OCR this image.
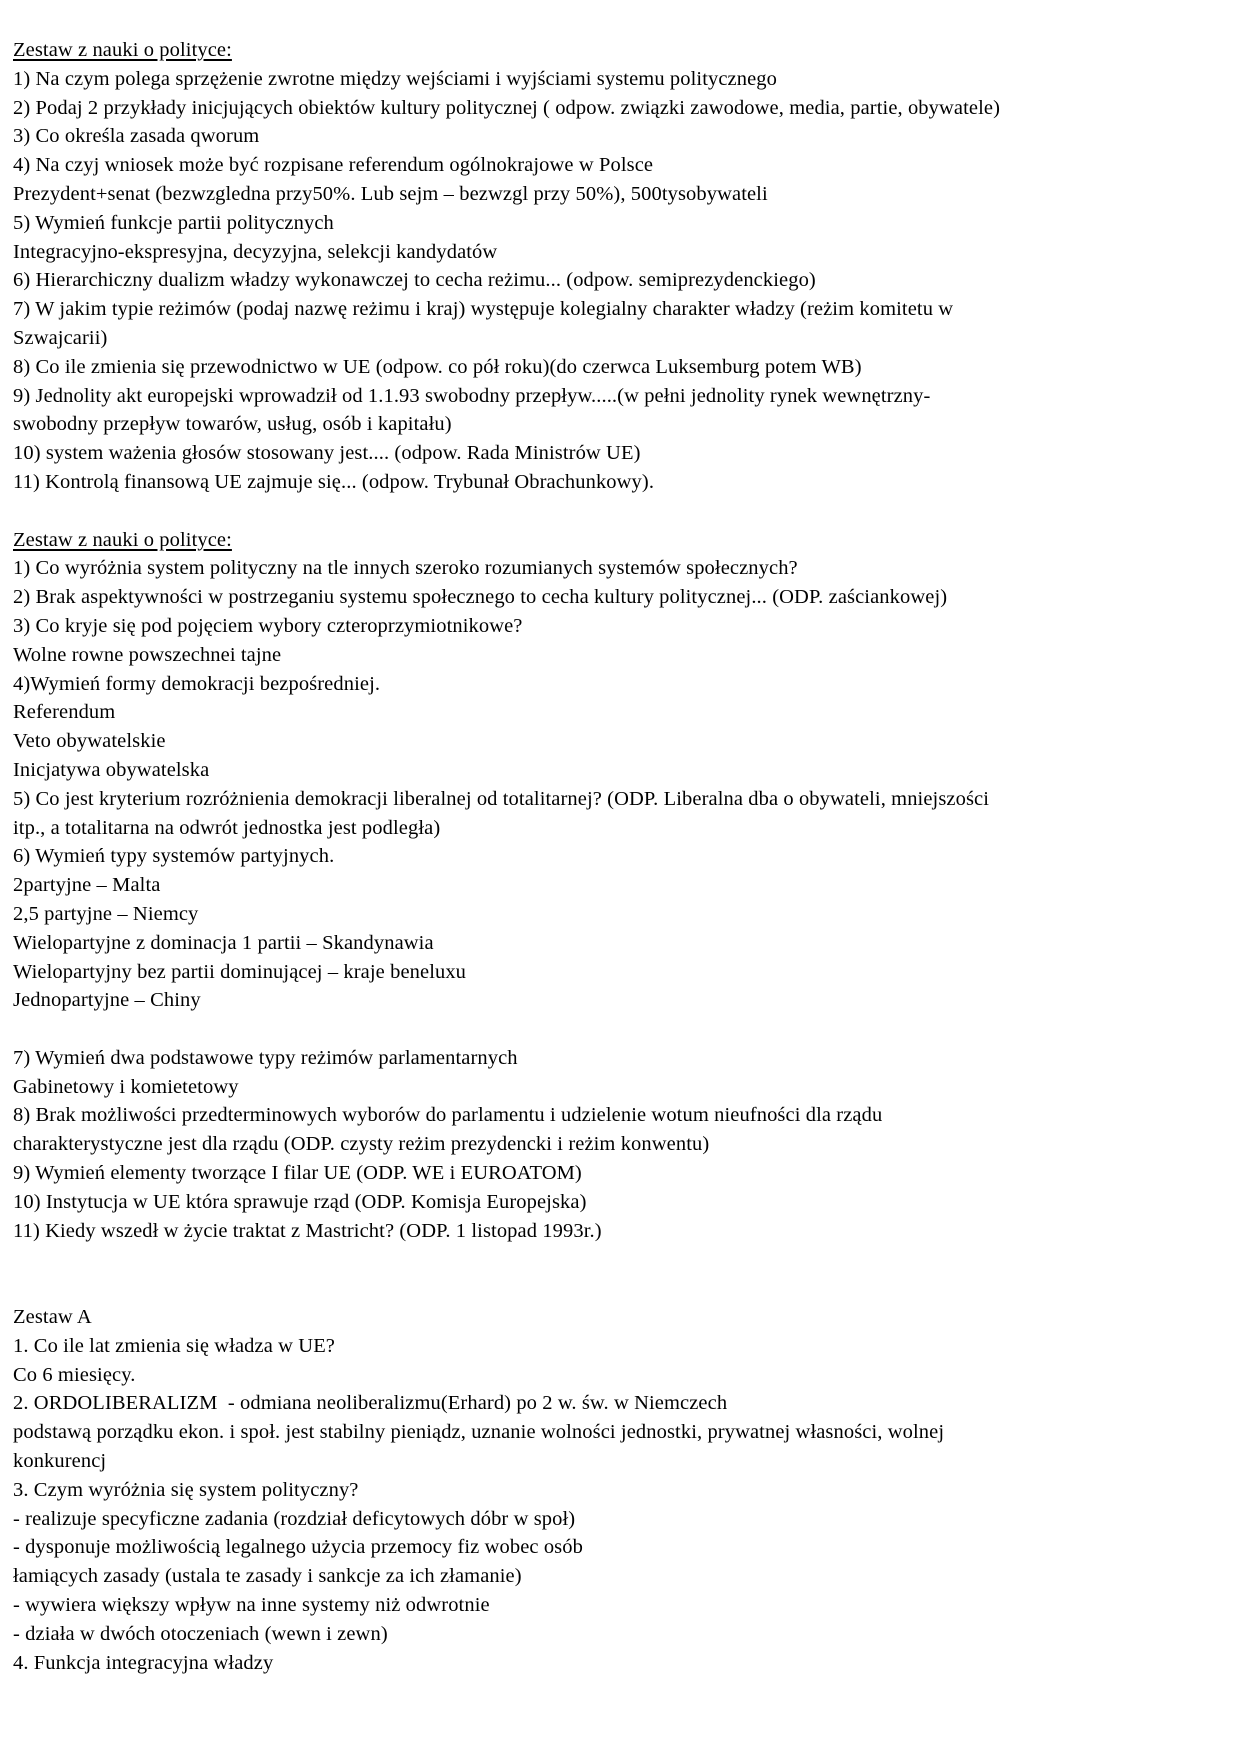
Zestaw z nauki o polityce:
1) Na czym polega sprzężenie zwrotne między wejściami i wyjściami systemu politycznego
2) Podaj 2 przykłady inicjujących obiektów kultury politycznej ( odpow. związki zawodowe, media, partie, obywatele)
3) Co określa zasada qworum
4) Na czyj wniosek może być rozpisane referendum ogólnokrajowe w Polsce
Prezydent+senat (bezwzgledna przy50%. Lub sejm – bezwzgl przy 50%), 500tysobywateli
5) Wymień funkcje partii politycznych
Integracyjno-ekspresyjna, decyzyjna, selekcji kandydatów
6) Hierarchiczny dualizm władzy wykonawczej to cecha reżimu... (odpow. semiprezydenckiego)
7) W jakim typie reżimów (podaj nazwę reżimu i kraj) występuje kolegialny charakter władzy (reżim komitetu w
Szwajcarii)
8) Co ile zmienia się przewodnictwo w UE (odpow. co pół roku)(do czerwca Luksemburg potem WB)
9) Jednolity akt europejski wprowadził od 1.1.93 swobodny przepływ.....(w pełni jednolity rynek wewnętrzny-
swobodny przepływ towarów, usług, osób i kapitału)
10) system ważenia głosów stosowany jest.... (odpow. Rada Ministrów UE)
11) Kontrolą finansową UE zajmuje się... (odpow. Trybunał Obrachunkowy).

Zestaw z nauki o polityce:
1) Co wyróżnia system polityczny na tle innych szeroko rozumianych systemów społecznych?
2) Brak aspektywności w postrzeganiu systemu społecznego to cecha kultury politycznej... (ODP. zaściankowej)
3) Co kryje się pod pojęciem wybory czteroprzymiotnikowe?
Wolne rowne powszechnei tajne
4)Wymień formy demokracji bezpośredniej.
Referendum
Veto obywatelskie
Inicjatywa obywatelska
5) Co jest kryterium rozróżnienia demokracji liberalnej od totalitarnej? (ODP. Liberalna dba o obywateli, mniejszości
itp., a totalitarna na odwrót jednostka jest podległa)
6) Wymień typy systemów partyjnych.
2partyjne – Malta
2,5 partyjne – Niemcy
Wielopartyjne z dominacja 1 partii – Skandynawia
Wielopartyjny bez partii dominującej – kraje beneluxu
Jednopartyjne – Chiny

7) Wymień dwa podstawowe typy reżimów parlamentarnych
Gabinetowy i komietetowy
8) Brak możliwości przedterminowych wyborów do parlamentu i udzielenie wotum nieufności dla rządu
charakterystyczne jest dla rządu (ODP. czysty reżim prezydencki i reżim konwentu)
9) Wymień elementy tworzące I filar UE (ODP. WE i EUROATOM)
10) Instytucja w UE która sprawuje rząd (ODP. Komisja Europejska)
11) Kiedy wszedł w życie traktat z Mastricht? (ODP. 1 listopad 1993r.)

Zestaw A
1. Co ile lat zmienia się władza w UE?
Co 6 miesięcy.
2. ORDOLIBERALIZM  - odmiana neoliberalizmu(Erhard) po 2 w. św. w Niemczech
podstawą porządku ekon. i społ. jest stabilny pieniądz, uznanie wolności jednostki, prywatnej własności, wolnej
konkurencj
3. Czym wyróżnia się system polityczny?
- realizuje specyficzne zadania (rozdział deficytowych dóbr w społ)
- dysponuje możliwością legalnego użycia przemocy fiz wobec osób
łamiących zasady (ustala te zasady i sankcje za ich złamanie)
- wywiera większy wpływ na inne systemy niż odwrotnie
- działa w dwóch otoczeniach (wewn i zewn)
4. Funkcja integracyjna władzy
